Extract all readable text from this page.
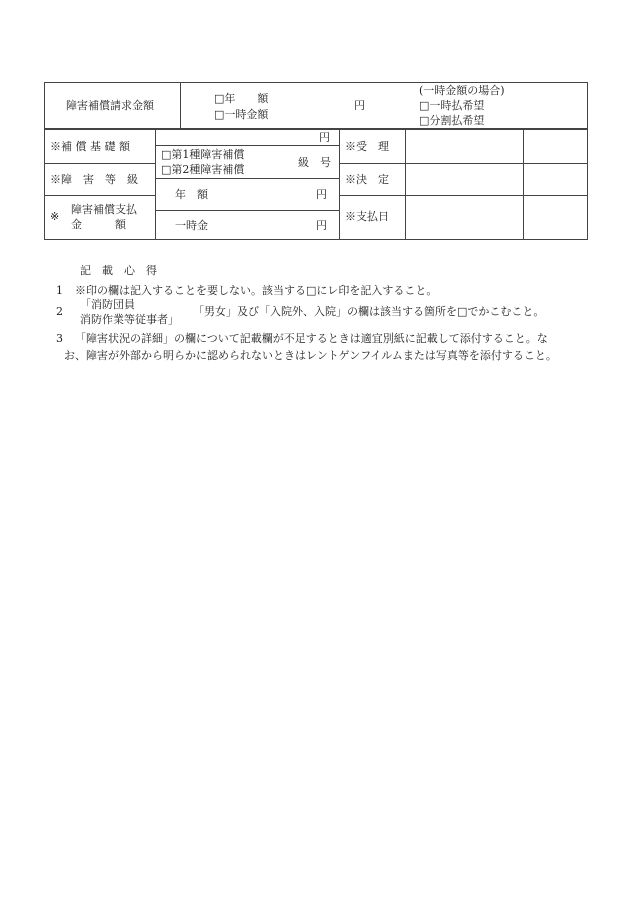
障害補償請求金額
□年　　額
□一時金額
円
(一時金額の場合)
□一時払希望
□分割払希望
※補 償 基 礎 額
※障　害　等　級
※
障害補償支払
金　　　額
円
□第1種障害補償
□第2種障害補償
級　号
年　額	円
一時金	円
※受　理
※決　定
※支払日
記　載　心　得
1 ※印の欄は記入することを要しない。該当する□にレ印を記入すること。
2
「消防団員
消防作業等従事者」
「男女」及び「入院外、入院」の欄は該当する箇所を□でかこむこと。
3 「障害状況の詳細」の欄について記載欄が不足するときは適宜別紙に記載して添付すること。な
お、障害が外部から明らかに認められないときはレントゲンフイルムまたは写真等を添付すること。
